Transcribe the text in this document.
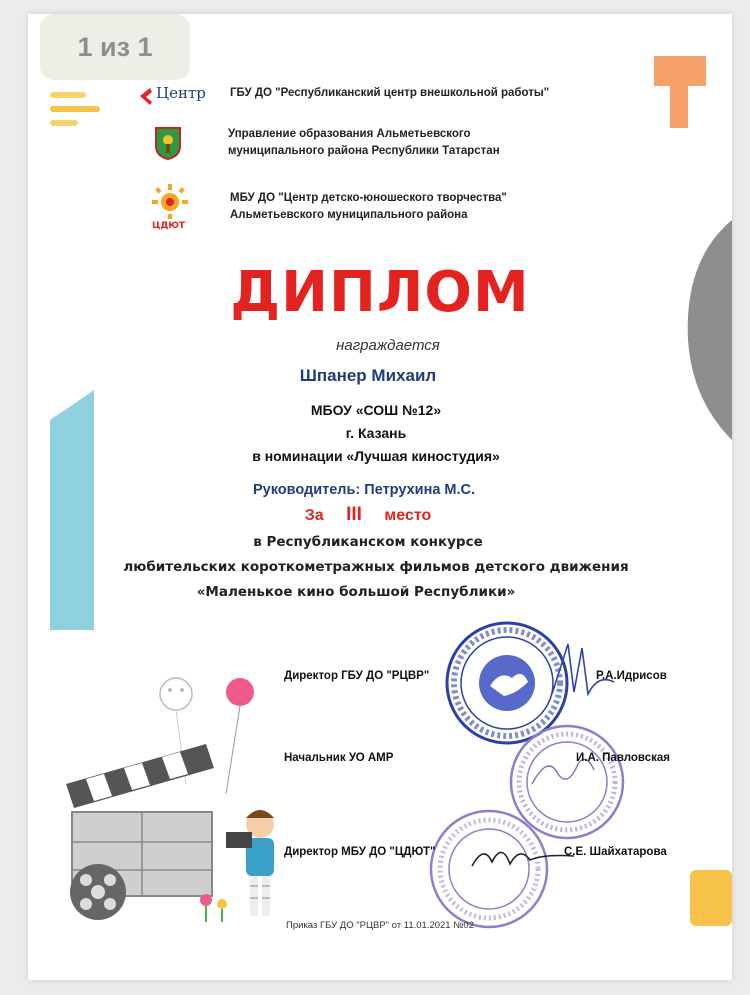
Центр ГБУ ДО "Республиканский центр внешкольной работы"
Управление образования Альметьевского
муниципального района Республики Татарстан
ЦДЮТ
МБУ ДО "Центр детско-юношеского творчества"
Альметьевского муниципального района
ДИПЛОМ
награждается
Шпанер Михаил
МБОУ «СОШ №12»
г. Казань
в номинации «Лучшая киностудия»
Руководитель: Петрухина М.С.
За III место
в Республиканском конкурсе
любительских короткометражных фильмов детского движения
«Маленькое кино большой Республики»
Директор ГБУ ДО "РЦВР"	Р.А.Идрисов
Начальник УО АМР	И.А. Павловская
Директор МБУ ДО "ЦДЮТ"	С.Е. Шайхатарова
Приказ ГБУ ДО "РЦВР" от 11.01.2021 №02
1 из 1
